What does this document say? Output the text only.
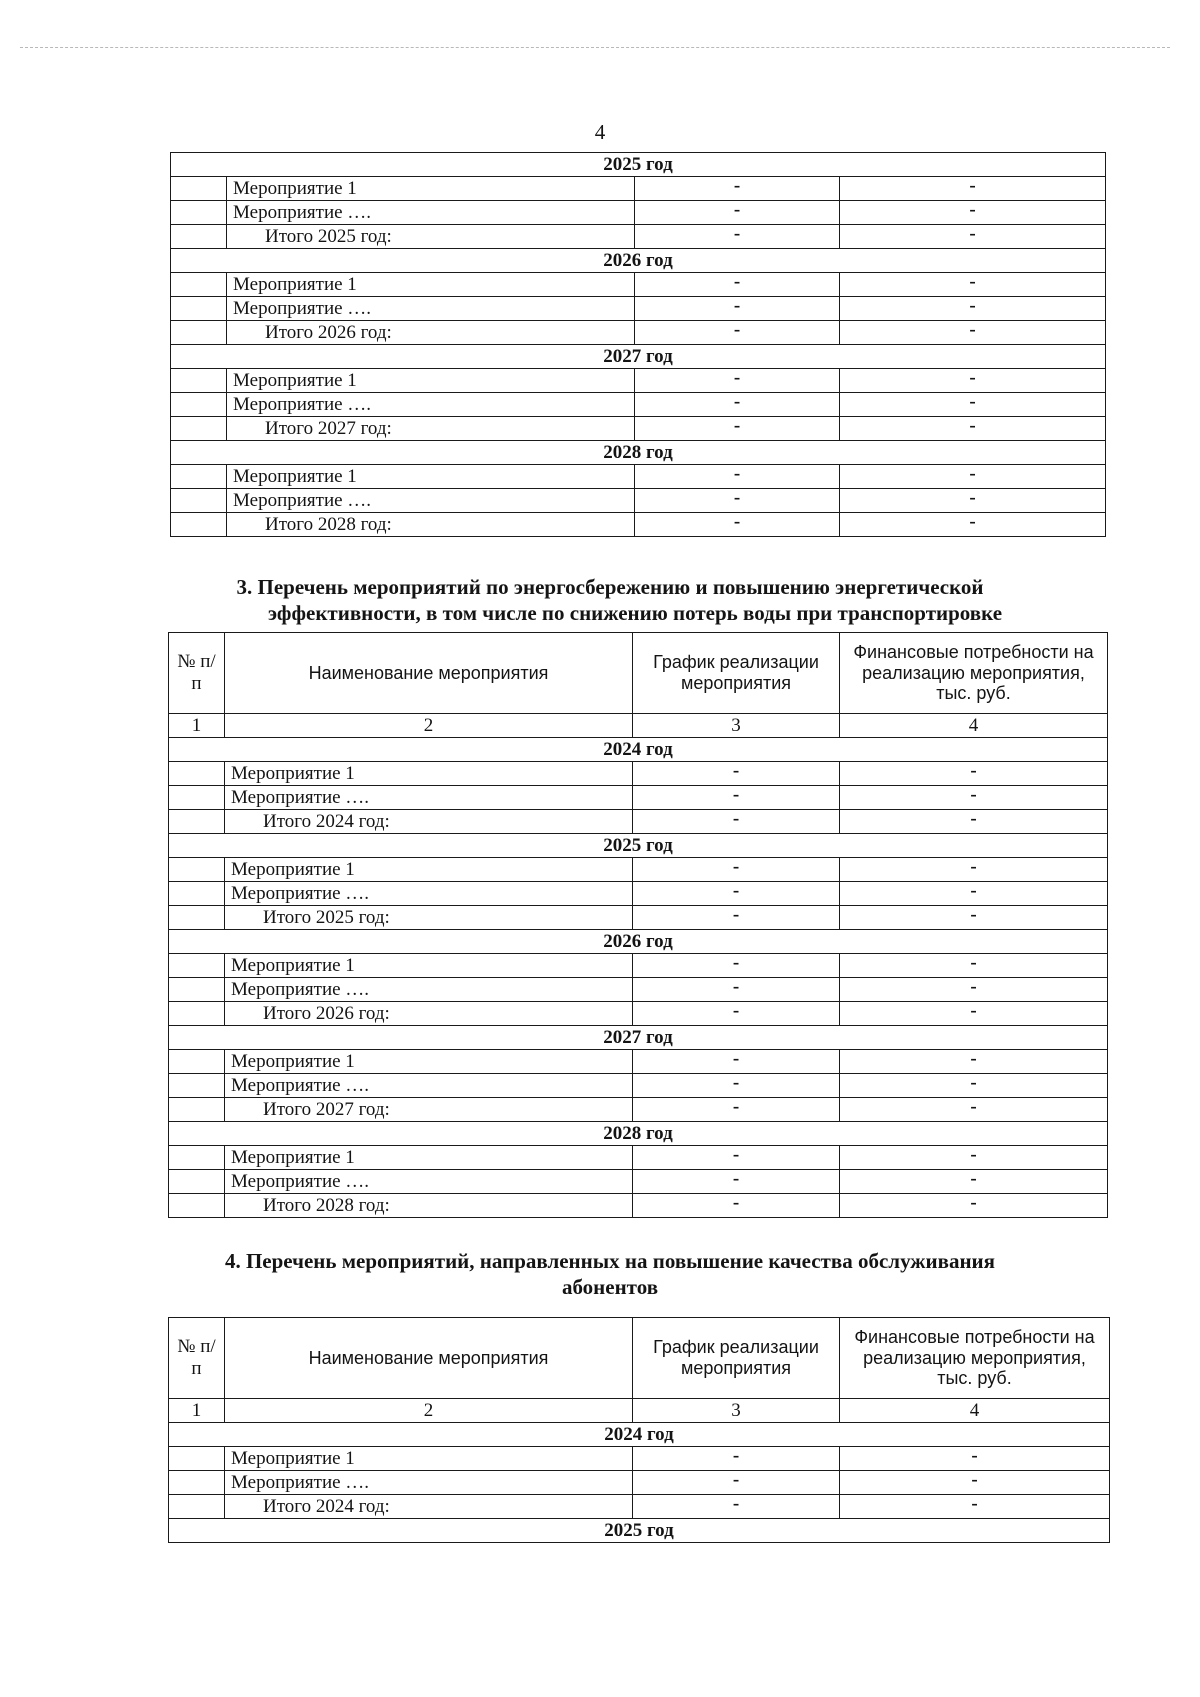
4
2025 год			
	Мероприятие 1	-	-
	Мероприятие ….	-	-
	Итого 2025 год:	-	-
2026 год			
	Мероприятие 1	-	-
	Мероприятие ….	-	-
	Итого 2026 год:	-	-
2027 год			
	Мероприятие 1	-	-
	Мероприятие ….	-	-
	Итого 2027 год:	-	-
2028 год			
	Мероприятие 1	-	-
	Мероприятие ….	-	-
	Итого 2028 год:	-	-
3. Перечень мероприятий по энергосбережению и повышению энергетической
эффективности, в том числе по снижению потерь воды при транспортировке
№ п/п	Наименование мероприятия	График реализации мероприятия	Финансовые потребности на реализацию мероприятия, тыс. руб.
1	2	3	4
2024 год			
	Мероприятие 1	-	-
	Мероприятие ….	-	-
	Итого 2024 год:	-	-
2025 год			
	Мероприятие 1	-	-
	Мероприятие ….	-	-
	Итого 2025 год:	-	-
2026 год			
	Мероприятие 1	-	-
	Мероприятие ….	-	-
	Итого 2026 год:	-	-
2027 год			
	Мероприятие 1	-	-
	Мероприятие ….	-	-
	Итого 2027 год:	-	-
2028 год			
	Мероприятие 1	-	-
	Мероприятие ….	-	-
	Итого 2028 год:	-	-
4. Перечень мероприятий, направленных на повышение качества обслуживания
абонентов
№ п/п	Наименование мероприятия	График реализации мероприятия	Финансовые потребности на реализацию мероприятия, тыс. руб.
1	2	3	4
2024 год			
	Мероприятие 1	-	-
	Мероприятие ….	-	-
	Итого 2024 год:	-	-
2025 год			
